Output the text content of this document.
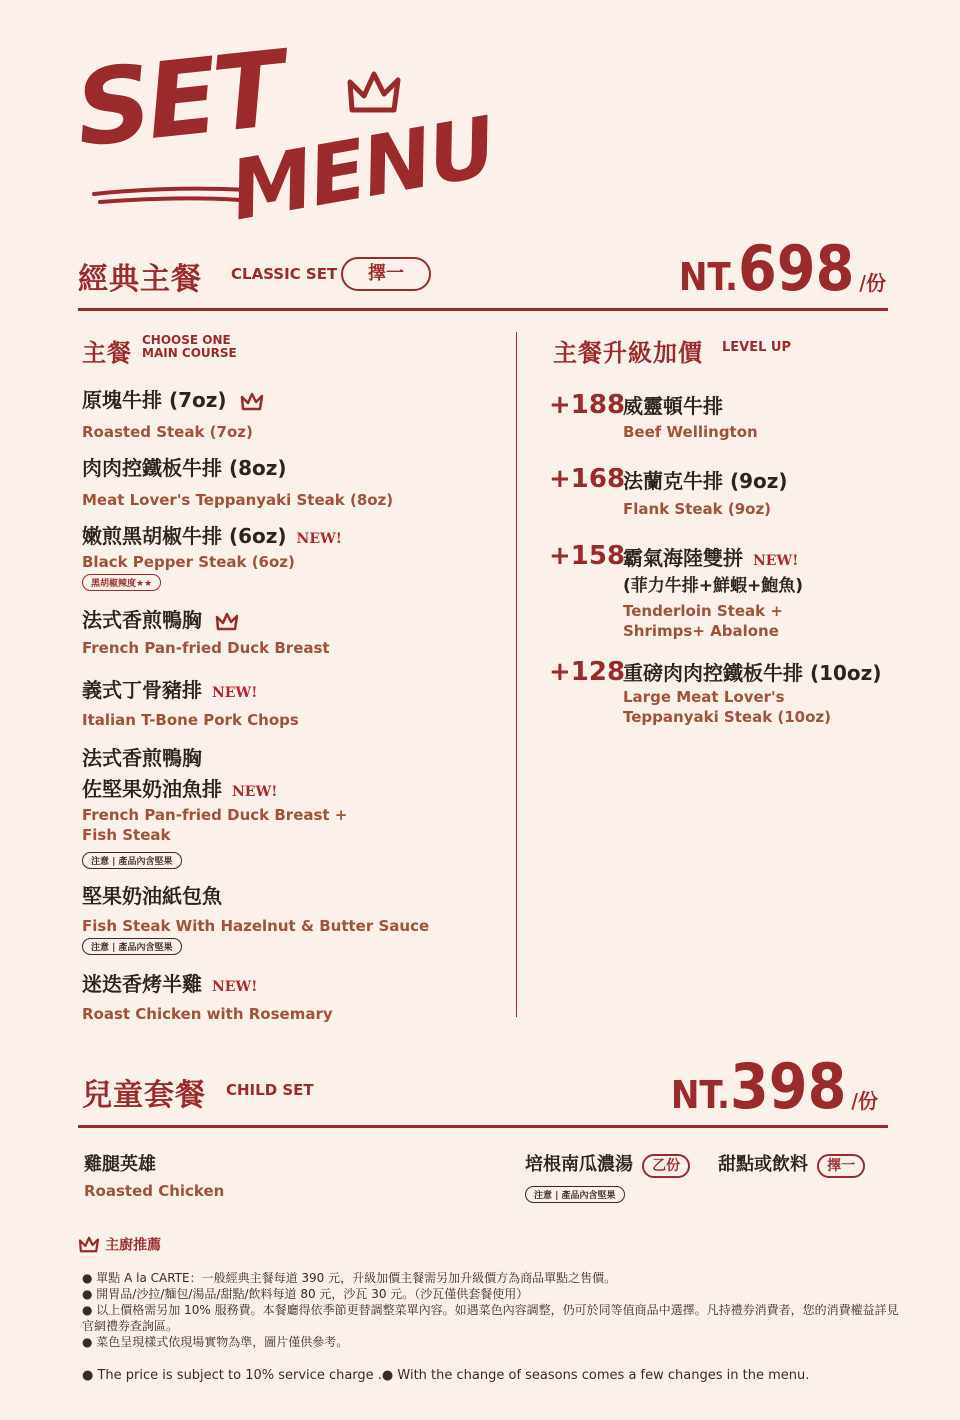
SET
MENU
經典主餐 CLASSIC SET	擇一	NT.698 /份
主餐 CHOOSE ONE
MAIN COURSE
原塊牛排 (7oz)
Roasted Steak (7oz)
肉肉控鐵板牛排 (8oz)
Meat Lover's Teppanyaki Steak (8oz)
嫩煎黑胡椒牛排 (6oz) NEW!
Black Pepper Steak (6oz)
黑胡椒辣度★★
法式香煎鴨胸
French Pan-fried Duck Breast
義式丁骨豬排 NEW!
Italian T-Bone Pork Chops
法式香煎鴨胸
佐堅果奶油魚排 NEW!
French Pan-fried Duck Breast +
Fish Steak
注意 | 產品內含堅果
堅果奶油紙包魚
Fish Steak With Hazelnut & Butter Sauce
注意 | 產品內含堅果
迷迭香烤半雞 NEW!
Roast Chicken with Rosemary
主餐升級加價 LEVEL UP
+188
威靈頓牛排
Beef Wellington
+168
法蘭克牛排 (9oz)
Flank Steak (9oz)
+158
霸氣海陸雙拼 NEW!
(菲力牛排+鮮蝦+鮑魚)
Tenderloin Steak +
Shrimps+ Abalone
+128
重磅肉肉控鐵板牛排 (10oz)
Large Meat Lover's
Teppanyaki Steak (10oz)
兒童套餐 CHILD SET	NT.398 /份
雞腿英雄
Roasted Chicken
培根南瓜濃湯 乙份
注意 | 產品內含堅果
甜點或飲料 擇一
主廚推薦
● 單點 A la CARTE：一般經典主餐每道 390 元，升級加價主餐需另加升級價方為商品單點之售價。
● 開胃品/沙拉/麵包/湯品/甜點/飲料每道 80 元，沙瓦 30 元。（沙瓦僅供套餐使用）
● 以上價格需另加 10% 服務費。本餐廳得依季節更替調整菜單內容。如遇菜色內容調整，仍可於同等值商品中選擇。凡持禮券消費者，您的消費權益詳見官網禮券查詢區。
● 菜色呈現樣式依現場實物為準，圖片僅供參考。
● The price is subject to 10% service charge .● With the change of seasons comes a few changes in the menu.
